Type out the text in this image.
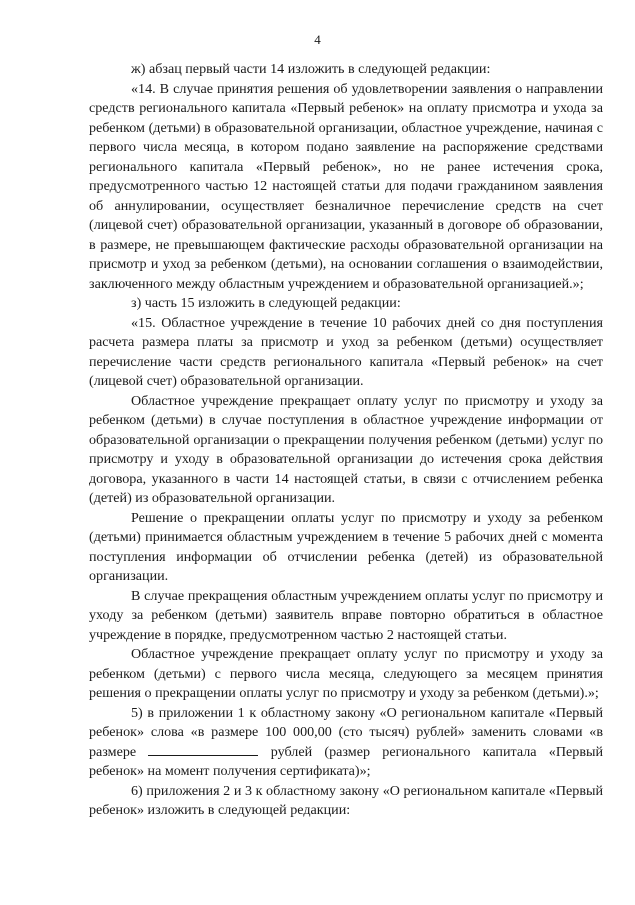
4

ж) абзац первый части 14 изложить в следующей редакции:

«14. В случае принятия решения об удовлетворении заявления о направлении средств регионального капитала «Первый ребенок» на оплату присмотра и ухода за ребенком (детьми) в образовательной организации, областное учреждение, начиная с первого числа месяца, в котором подано заявление на распоряжение средствами регионального капитала «Первый ребенок», но не ранее истечения срока, предусмотренного частью 12 настоящей статьи для подачи гражданином заявления об аннулировании, осуществляет безналичное перечисление средств на счет (лицевой счет) образовательной организации, указанный в договоре об образовании, в размере, не превышающем фактические расходы образовательной организации на присмотр и уход за ребенком (детьми), на основании соглашения о взаимодействии, заключенного между областным учреждением и образовательной организацией.»;

з) часть 15 изложить в следующей редакции:

«15. Областное учреждение в течение 10 рабочих дней со дня поступления расчета размера платы за присмотр и уход за ребенком (детьми) осуществляет перечисление части средств регионального капитала «Первый ребенок» на счет (лицевой счет) образовательной организации.

Областное учреждение прекращает оплату услуг по присмотру и уходу за ребенком (детьми) в случае поступления в областное учреждение информации от образовательной организации о прекращении получения ребенком (детьми) услуг по присмотру и уходу в образовательной организации до истечения срока действия договора, указанного в части 14 настоящей статьи, в связи с отчислением ребенка (детей) из образовательной организации.

Решение о прекращении оплаты услуг по присмотру и уходу за ребенком (детьми) принимается областным учреждением в течение 5 рабочих дней с момента поступления информации об отчислении ребенка (детей) из образовательной организации.

В случае прекращения областным учреждением оплаты услуг по присмотру и уходу за ребенком (детьми) заявитель вправе повторно обратиться в областное учреждение в порядке, предусмотренном частью 2 настоящей статьи.

Областное учреждение прекращает оплату услуг по присмотру и уходу за ребенком (детьми) с первого числа месяца, следующего за месяцем принятия решения о прекращении оплаты услуг по присмотру и уходу за ребенком (детьми).»;

5) в приложении 1 к областному закону «О региональном капитале «Первый ребенок» слова «в размере 100 000,00 (сто тысяч) рублей» заменить словами «в размере	рублей (размер регионального капитала «Первый ребенок» на момент получения сертификата)»;

6) приложения 2 и 3 к областному закону «О региональном капитале «Первый ребенок» изложить в следующей редакции:
